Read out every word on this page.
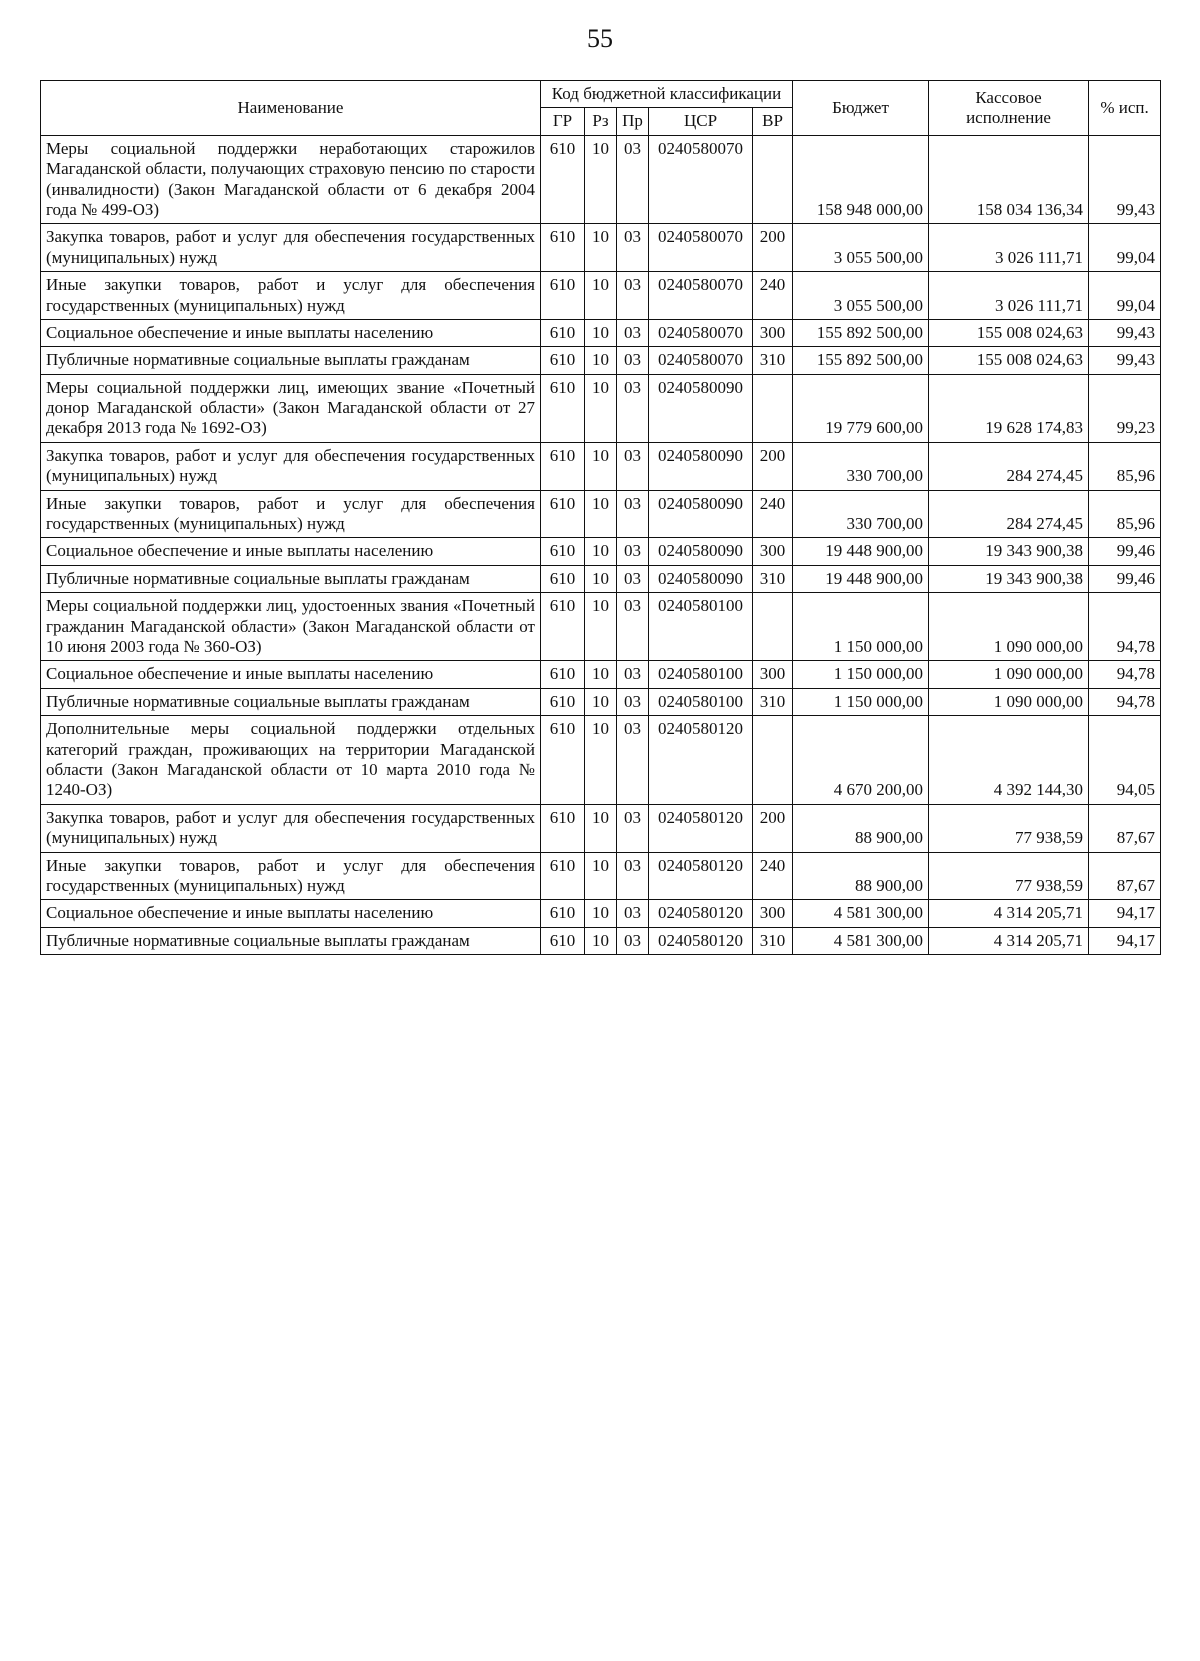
55
Наименование	Код бюджетной классификации					Бюджет	Кассовое исполнение	% исп.
	ГР	Рз	Пр	ЦСР	ВР			
Меры социальной поддержки неработающих старожилов Магаданской области, получающих страховую пенсию по старости (инвалидности) (Закон Магаданской области от 6 декабря 2004 года № 499-ОЗ)	610	10	03	0240580070		158 948 000,00	158 034 136,34	99,43
Закупка товаров, работ и услуг для обеспечения государственных (муниципальных) нужд	610	10	03	0240580070	200	3 055 500,00	3 026 111,71	99,04
Иные закупки товаров, работ и услуг для обеспечения государственных (муниципальных) нужд	610	10	03	0240580070	240	3 055 500,00	3 026 111,71	99,04
Социальное обеспечение и иные выплаты населению	610	10	03	0240580070	300	155 892 500,00	155 008 024,63	99,43
Публичные нормативные социальные выплаты гражданам	610	10	03	0240580070	310	155 892 500,00	155 008 024,63	99,43
Меры социальной поддержки лиц, имеющих звание «Почетный донор Магаданской области» (Закон Магаданской области от 27 декабря 2013 года № 1692-ОЗ)	610	10	03	0240580090		19 779 600,00	19 628 174,83	99,23
Закупка товаров, работ и услуг для обеспечения государственных (муниципальных) нужд	610	10	03	0240580090	200	330 700,00	284 274,45	85,96
Иные закупки товаров, работ и услуг для обеспечения государственных (муниципальных) нужд	610	10	03	0240580090	240	330 700,00	284 274,45	85,96
Социальное обеспечение и иные выплаты населению	610	10	03	0240580090	300	19 448 900,00	19 343 900,38	99,46
Публичные нормативные социальные выплаты гражданам	610	10	03	0240580090	310	19 448 900,00	19 343 900,38	99,46
Меры социальной поддержки лиц, удостоенных звания «Почетный гражданин Магаданской области» (Закон Магаданской области от 10 июня 2003 года № 360-ОЗ)	610	10	03	0240580100		1 150 000,00	1 090 000,00	94,78
Социальное обеспечение и иные выплаты населению	610	10	03	0240580100	300	1 150 000,00	1 090 000,00	94,78
Публичные нормативные социальные выплаты гражданам	610	10	03	0240580100	310	1 150 000,00	1 090 000,00	94,78
Дополнительные меры социальной поддержки отдельных категорий граждан, проживающих на территории Магаданской области (Закон Магаданской области от 10 марта 2010 года № 1240-ОЗ)	610	10	03	0240580120		4 670 200,00	4 392 144,30	94,05
Закупка товаров, работ и услуг для обеспечения государственных (муниципальных) нужд	610	10	03	0240580120	200	88 900,00	77 938,59	87,67
Иные закупки товаров, работ и услуг для обеспечения государственных (муниципальных) нужд	610	10	03	0240580120	240	88 900,00	77 938,59	87,67
Социальное обеспечение и иные выплаты населению	610	10	03	0240580120	300	4 581 300,00	4 314 205,71	94,17
Публичные нормативные социальные выплаты гражданам	610	10	03	0240580120	310	4 581 300,00	4 314 205,71	94,17
